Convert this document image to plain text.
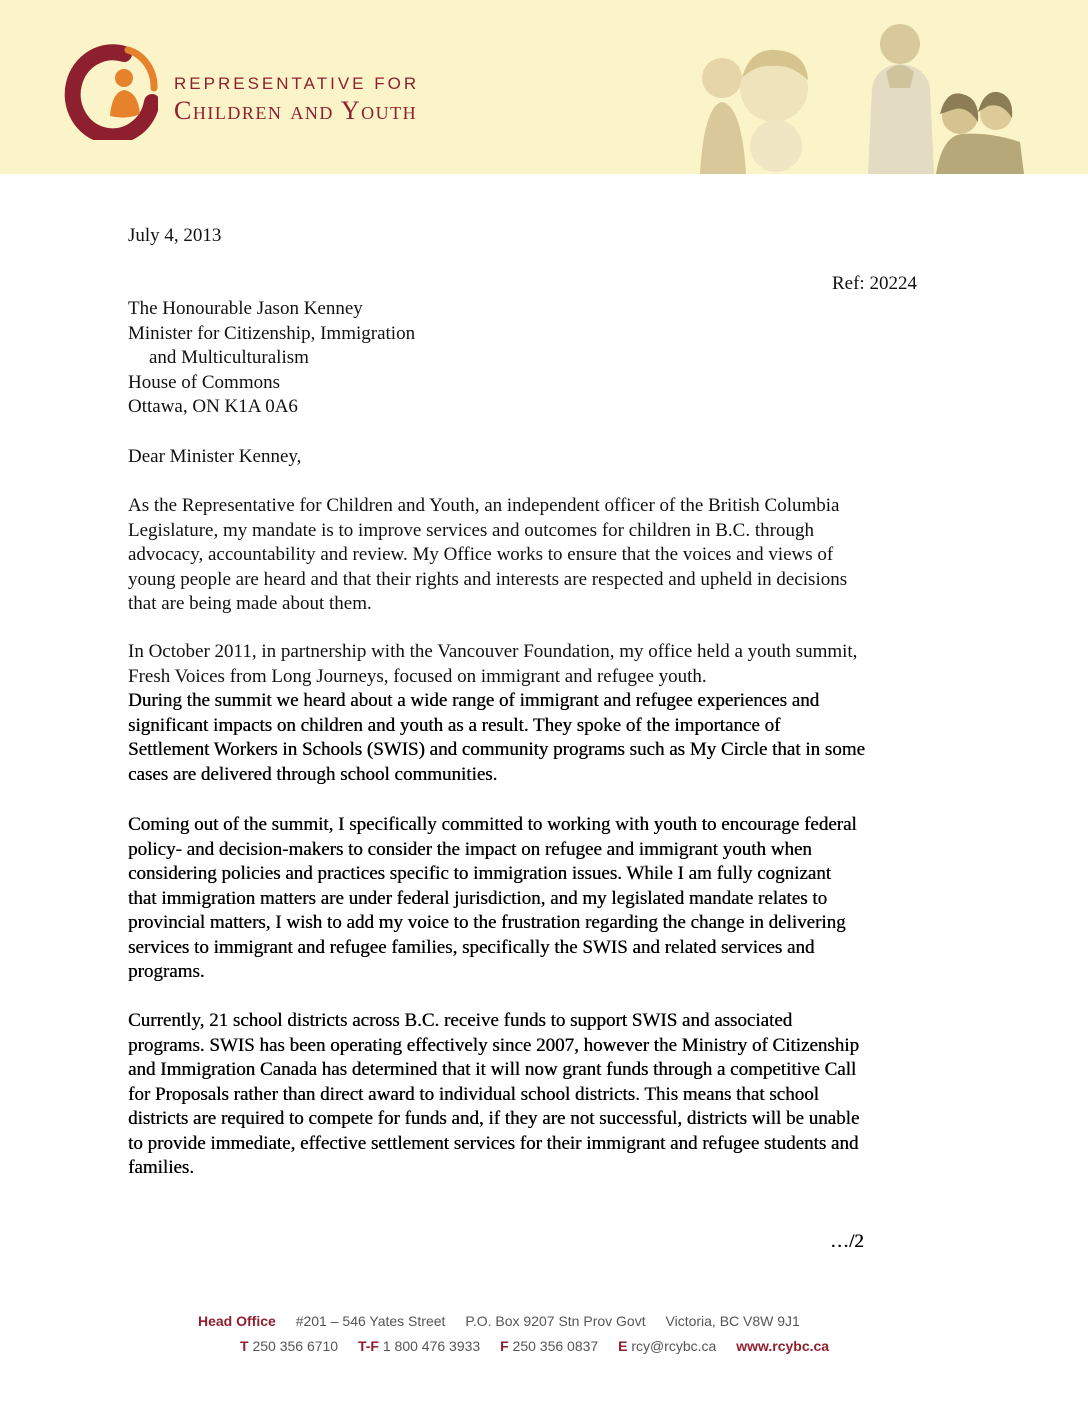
REPRESENTATIVE FOR
Children and Youth
July 4, 2013
Ref: 20224
The Honourable Jason Kenney
Minister for Citizenship, Immigration
and Multiculturalism
House of Commons
Ottawa, ON K1A 0A6
Dear Minister Kenney,
As the Representative for Children and Youth, an independent officer of the British Columbia
Legislature, my mandate is to improve services and outcomes for children in B.C. through
advocacy, accountability and review. My Office works to ensure that the voices and views of
young people are heard and that their rights and interests are respected and upheld in decisions
that are being made about them.
In October 2011, in partnership with the Vancouver Foundation, my office held a youth summit,
Fresh Voices from Long Journeys, focused on immigrant and refugee youth.
During the summit we heard about a wide range of immigrant and refugee experiences and
significant impacts on children and youth as a result. They spoke of the importance of
Settlement Workers in Schools (SWIS) and community programs such as My Circle that in some
cases are delivered through school communities.
Coming out of the summit, I specifically committed to working with youth to encourage federal
policy- and decision-makers to consider the impact on refugee and immigrant youth when
considering policies and practices specific to immigration issues. While I am fully cognizant
that immigration matters are under federal jurisdiction, and my legislated mandate relates to
provincial matters, I wish to add my voice to the frustration regarding the change in delivering
services to immigrant and refugee families, specifically the SWIS and related services and
programs.
Currently, 21 school districts across B.C. receive funds to support SWIS and associated
programs. SWIS has been operating effectively since 2007, however the Ministry of Citizenship
and Immigration Canada has determined that it will now grant funds through a competitive Call
for Proposals rather than direct award to individual school districts. This means that school
districts are required to compete for funds and, if they are not successful, districts will be unable
to provide immediate, effective settlement services for their immigrant and refugee students and
families.
…/2
Head Office #201 – 546 Yates Street P.O. Box 9207 Stn Prov Govt Victoria, BC V8W 9J1
T 250 356 6710 T-F 1 800 476 3933 F 250 356 0837 E rcy@rcybc.ca www.rcybc.ca
